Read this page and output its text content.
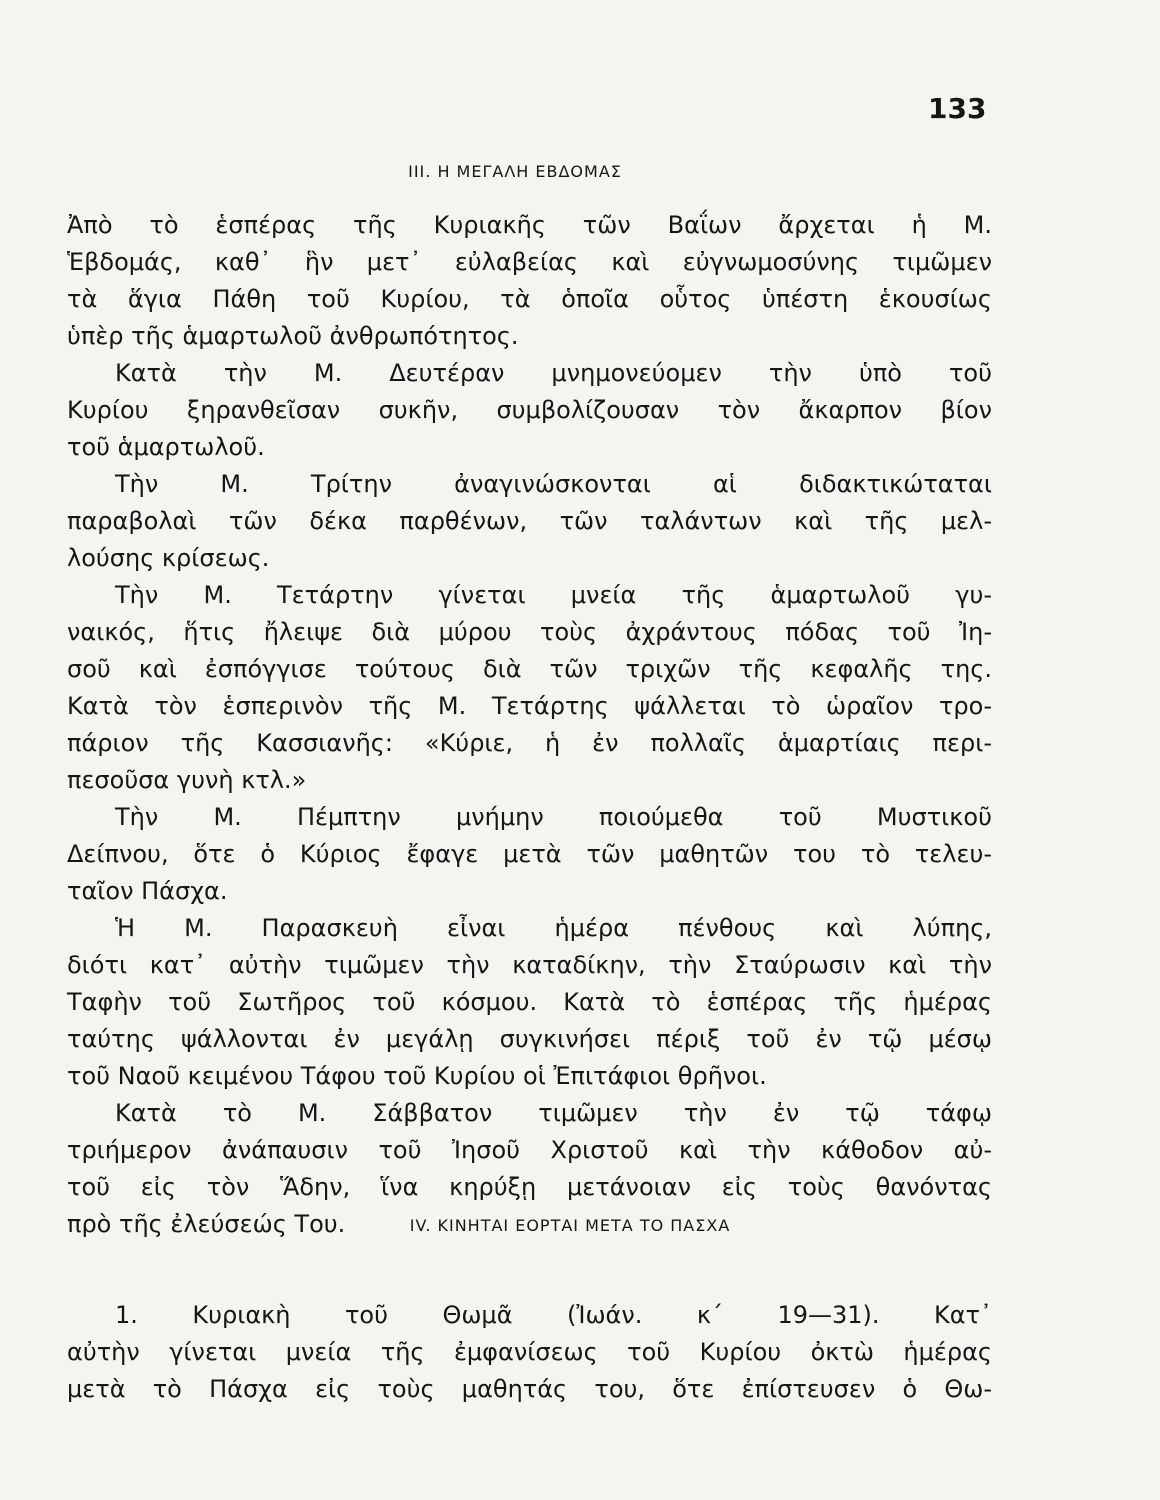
133
III. Η ΜΕΓΑΛΗ ΕΒΔΟΜΑΣ
Ἀπὸ τὸ ἑσπέρας τῆς Κυριακῆς τῶν Βαΐων ἄρχεται ἡ Μ.
Ἑβδομάς, καθ᾽ ἣν μετ᾽ εὐλαβείας καὶ εὐγνωμοσύνης τιμῶμεν
τὰ ἅγια Πάθη τοῦ Κυρίου, τὰ ὁποῖα οὗτος ὑπέστη ἑκουσίως
ὑπὲρ τῆς ἁμαρτωλοῦ ἀνθρωπότητος.
Κατὰ τὴν Μ. Δευτέραν μνημονεύομεν τὴν ὑπὸ τοῦ
Κυρίου ξηρανθεῖσαν συκῆν, συμβολίζουσαν τὸν ἄκαρπον βίον
τοῦ ἁμαρτωλοῦ.
Τὴν Μ. Τρίτην ἀναγινώσκονται αἱ διδακτικώταται
παραβολαὶ τῶν δέκα παρθένων, τῶν ταλάντων καὶ τῆς μελ-
λούσης κρίσεως.
Τὴν Μ. Τετάρτην γίνεται μνεία τῆς ἁμαρτωλοῦ γυ-
ναικός, ἥτις ἤλειψε διὰ μύρου τοὺς ἀχράντους πόδας τοῦ Ἰη-
σοῦ καὶ ἐσπόγγισε τούτους διὰ τῶν τριχῶν τῆς κεφαλῆς της.
Κατὰ τὸν ἑσπερινὸν τῆς Μ. Τετάρτης ψάλλεται τὸ ὡραῖον τρο-
πάριον τῆς Κασσιανῆς: «Κύριε, ἡ ἐν πολλαῖς ἁμαρτίαις περι-
πεσοῦσα γυνὴ κτλ.»
Τὴν Μ. Πέμπτην μνήμην ποιούμεθα τοῦ Μυστικοῦ
Δείπνου, ὅτε ὁ Κύριος ἔφαγε μετὰ τῶν μαθητῶν του τὸ τελευ-
ταῖον Πάσχα.
Ἡ Μ. Παρασκευὴ εἶναι ἡμέρα πένθους καὶ λύπης,
διότι κατ᾽ αὐτὴν τιμῶμεν τὴν καταδίκην, τὴν Σταύρωσιν καὶ τὴν
Ταφὴν τοῦ Σωτῆρος τοῦ κόσμου. Κατὰ τὸ ἑσπέρας τῆς ἡμέρας
ταύτης ψάλλονται ἐν μεγάλῃ συγκινήσει πέριξ τοῦ ἐν τῷ μέσῳ
τοῦ Ναοῦ κειμένου Τάφου τοῦ Κυρίου οἱ Ἐπιτάφιοι θρῆνοι.
Κατὰ τὸ Μ. Σάββατον τιμῶμεν τὴν ἐν τῷ τάφῳ
τριήμερον ἀνάπαυσιν τοῦ Ἰησοῦ Χριστοῦ καὶ τὴν κάθοδον αὐ-
τοῦ εἰς τὸν Ἅδην, ἵνα κηρύξῃ μετάνοιαν εἰς τοὺς θανόντας
πρὸ τῆς ἐλεύσεώς Του.	IV. ΚΙΝΗΤΑΙ ΕΟΡΤΑΙ ΜΕΤΑ ΤΟ ΠΑΣΧΑ
1. Κυριακὴ τοῦ Θωμᾶ (Ἰωάν. κ΄ 19—31). Κατ᾽
αὐτὴν γίνεται μνεία τῆς ἐμφανίσεως τοῦ Κυρίου ὀκτὼ ἡμέρας
μετὰ τὸ Πάσχα εἰς τοὺς μαθητάς του, ὅτε ἐπίστευσεν ὁ Θω-
